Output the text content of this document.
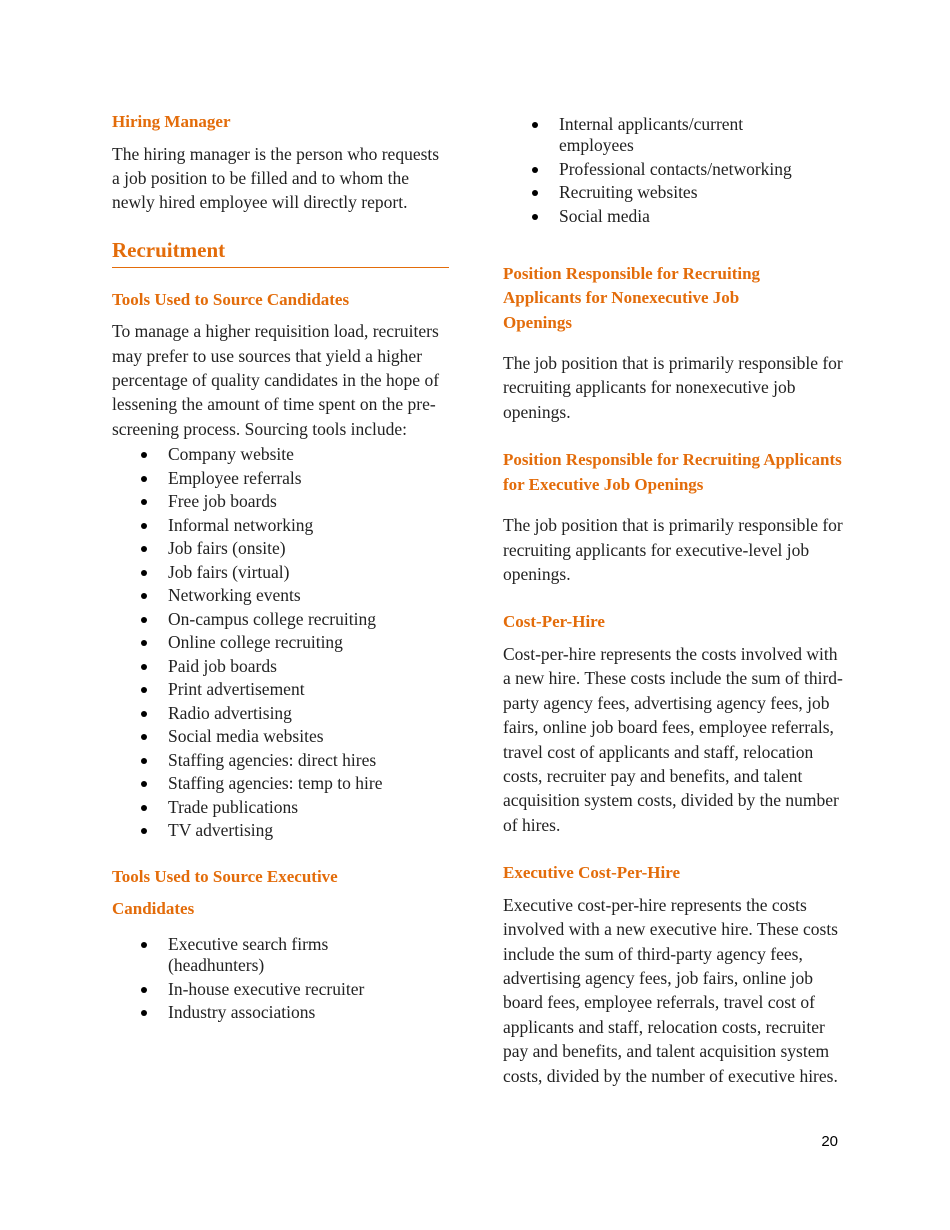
Hiring Manager

The hiring manager is the person who requests a job position to be filled and to whom the newly hired employee will directly report.

Recruitment
Tools Used to Source Candidates

To manage a higher requisition load, recruiters may prefer to use sources that yield a higher percentage of quality candidates in the hope of lessening the amount of time spent on the pre-screening process. Sourcing tools include:

Company website
Employee referrals
Free job boards
Informal networking
Job fairs (onsite)
Job fairs (virtual)
Networking events
On-campus college recruiting
Online college recruiting
Paid job boards
Print advertisement
Radio advertising
Social media websites
Staffing agencies: direct hires
Staffing agencies: temp to hire
Trade publications
TV advertising
Tools Used to Source Executive
Candidates
Executive search firms (headhunters)
In-house executive recruiter
Industry associations
Internal applicants/current employees
Professional contacts/networking
Recruiting websites
Social media
Position Responsible for Recruiting Applicants for Nonexecutive Job Openings

The job position that is primarily responsible for recruiting applicants for nonexecutive job openings.

Position Responsible for Recruiting Applicants for Executive Job Openings

The job position that is primarily responsible for recruiting applicants for executive-level job openings.

Cost-Per-Hire

Cost-per-hire represents the costs involved with a new hire. These costs include the sum of third-party agency fees, advertising agency fees, job fairs, online job board fees, employee referrals, travel cost of applicants and staff, relocation costs, recruiter pay and benefits, and talent acquisition system costs, divided by the number of hires.

Executive Cost-Per-Hire

Executive cost-per-hire represents the costs involved with a new executive hire. These costs include the sum of third-party agency fees, advertising agency fees, job fairs, online job board fees, employee referrals, travel cost of applicants and staff, relocation costs, recruiter pay and benefits, and talent acquisition system costs, divided by the number of executive hires.

20
